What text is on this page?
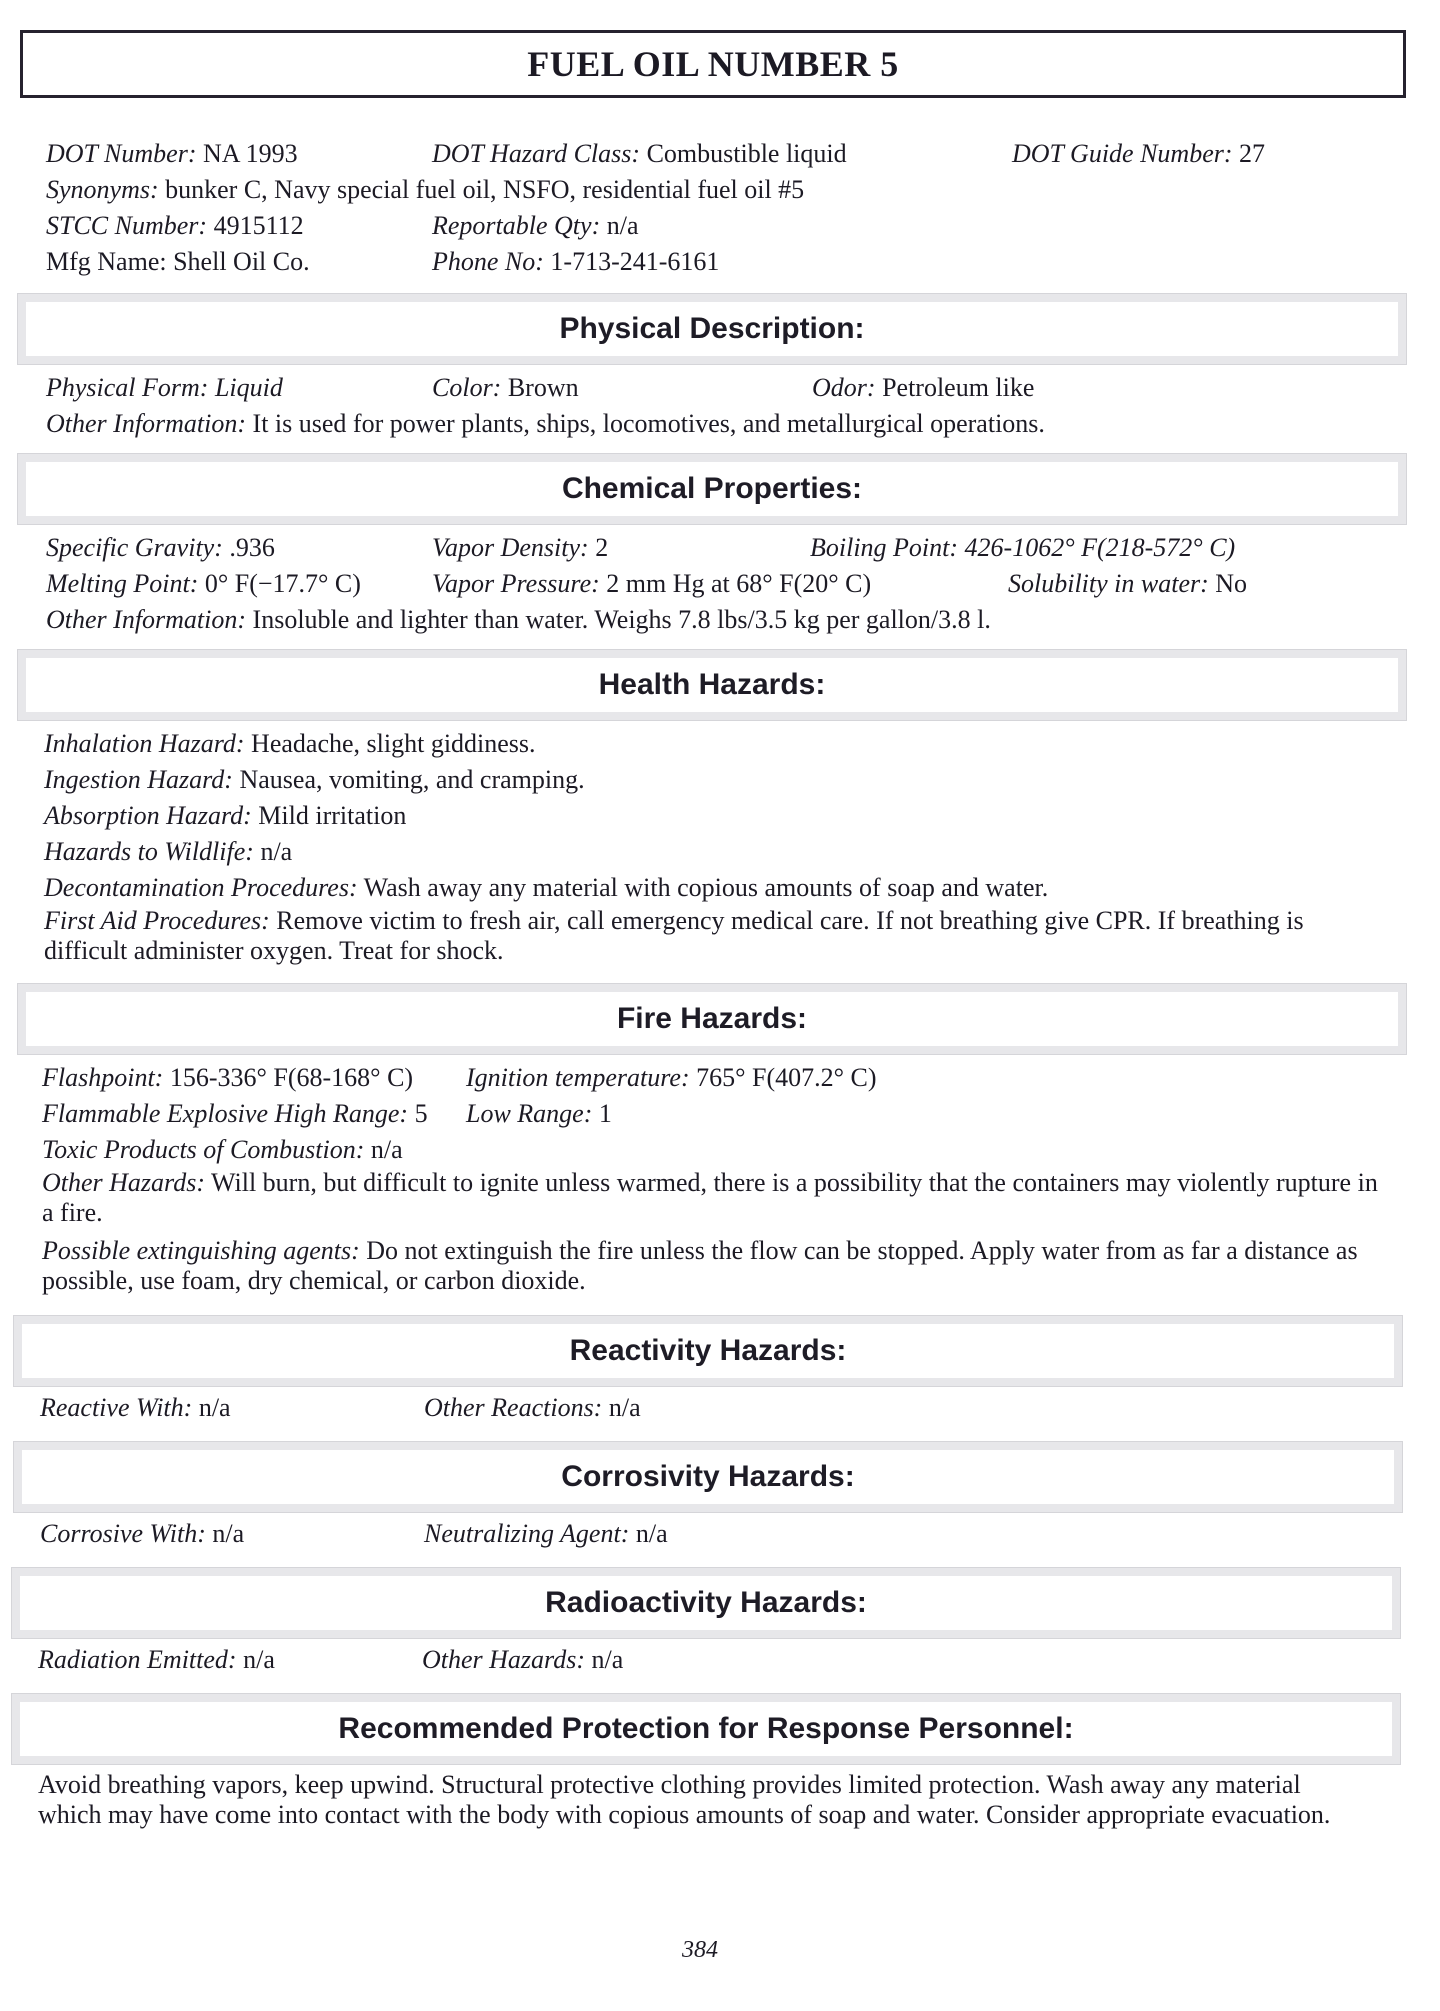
FUEL OIL NUMBER 5
DOT Number: NA 1993	DOT Hazard Class: Combustible liquid	DOT Guide Number: 27
Synonyms: bunker C, Navy special fuel oil, NSFO, residential fuel oil #5
STCC Number: 4915112	Reportable Qty: n/a
Mfg Name: Shell Oil Co.	Phone No: 1-713-241-6161
Physical Description:
Physical Form: Liquid	Color: Brown	Odor: Petroleum like
Other Information: It is used for power plants, ships, locomotives, and metallurgical operations.
Chemical Properties:
Specific Gravity: .936	Vapor Density: 2	Boiling Point: 426-1062° F(218-572° C)
Melting Point: 0° F(−17.7° C)	Vapor Pressure: 2 mm Hg at 68° F(20° C)	Solubility in water: No
Other Information: Insoluble and lighter than water. Weighs 7.8 lbs/3.5 kg per gallon/3.8 l.
Health Hazards:
Inhalation Hazard: Headache, slight giddiness.
Ingestion Hazard: Nausea, vomiting, and cramping.
Absorption Hazard: Mild irritation
Hazards to Wildlife: n/a
Decontamination Procedures: Wash away any material with copious amounts of soap and water.
First Aid Procedures: Remove victim to fresh air, call emergency medical care. If not breathing give CPR. If breathing is difficult administer oxygen. Treat for shock.
Fire Hazards:
Flashpoint: 156-336° F(68-168° C) Ignition temperature: 765° F(407.2° C)
Flammable Explosive High Range: 5 Low Range: 1
Toxic Products of Combustion: n/a
Other Hazards: Will burn, but difficult to ignite unless warmed, there is a possibility that the containers may violently rupture in a fire.
Possible extinguishing agents: Do not extinguish the fire unless the flow can be stopped. Apply water from as far a distance as possible, use foam, dry chemical, or carbon dioxide.
Reactivity Hazards:
Reactive With: n/a	Other Reactions: n/a
Corrosivity Hazards:
Corrosive With: n/a	Neutralizing Agent: n/a
Radioactivity Hazards:
Radiation Emitted: n/a	Other Hazards: n/a
Recommended Protection for Response Personnel:
Avoid breathing vapors, keep upwind. Structural protective clothing provides limited protection. Wash away any material which may have come into contact with the body with copious amounts of soap and water. Consider appropriate evacuation.
384
